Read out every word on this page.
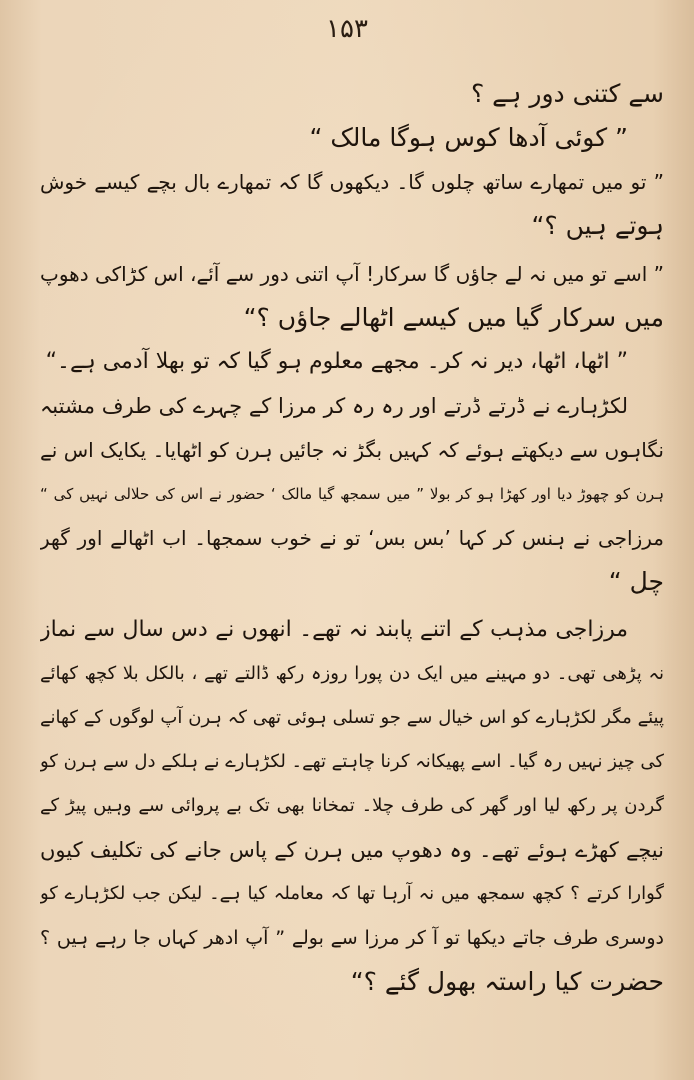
۱۵۳
سے کتنی دور ہے ؟
” کوئی آدھا کوس ہوگا مالک “
” تو میں تمھارے ساتھ چلوں گا۔ دیکھوں گا کہ تمھارے بال بچے کیسے خوش
ہوتے ہیں ؟“
” اسے تو میں نہ لے جاؤں گا سرکار! آپ اتنی دور سے آئے، اس کڑاکی دھوپ
میں سرکار گیا میں کیسے اٹھالے جاؤں ؟“
” اٹھا، اٹھا، دیر نہ کر۔ مجھے معلوم ہو گیا کہ تو بھلا آدمی ہے۔“
لکڑہارے نے ڈرتے ڈرتے اور رہ رہ کر مرزا کے چہرے کی طرف مشتبہ
نگاہوں سے دیکھتے ہوئے کہ کہیں بگڑ نہ جائیں ہرن کو اٹھایا۔ یکایک اس نے
ہرن کو چھوڑ دیا اور کھڑا ہو کر بولا ” میں سمجھ گیا مالک ‘ حضور نے اس کی حلالی نہیں کی “
مرزاجی نے ہنس کر کہا ’بس بس‘ تو نے خوب سمجھا۔ اب اٹھالے اور گھر
چل “
مرزاجی مذہب کے اتنے پابند نہ تھے۔ انھوں نے دس سال سے نماز
نہ پڑھی تھی۔ دو مہینے میں ایک دن پورا روزہ رکھ ڈالتے تھے ، بالکل بلا کچھ کھائے
پیئے مگر لکڑہارے کو اس خیال سے جو تسلی ہوئی تھی کہ ہرن آپ لوگوں کے کھانے
کی چیز نہیں رہ گیا۔ اسے پھیکانہ کرنا چاہتے تھے۔ لکڑہارے نے ہلکے دل سے ہرن کو
گردن پر رکھ لیا اور گھر کی طرف چلا۔ تمخانا بھی تک بے پروائی سے وہیں پیڑ کے
نیچے کھڑے ہوئے تھے۔ وہ دھوپ میں ہرن کے پاس جانے کی تکلیف کیوں
گوارا کرتے ؟ کچھ سمجھ میں نہ آرہا تھا کہ معاملہ کیا ہے۔ لیکن جب لکڑہارے کو
دوسری طرف جاتے دیکھا تو آ کر مرزا سے بولے ” آپ ادھر کہاں جا رہے ہیں ؟
حضرت کیا راستہ بھول گئے ؟“
